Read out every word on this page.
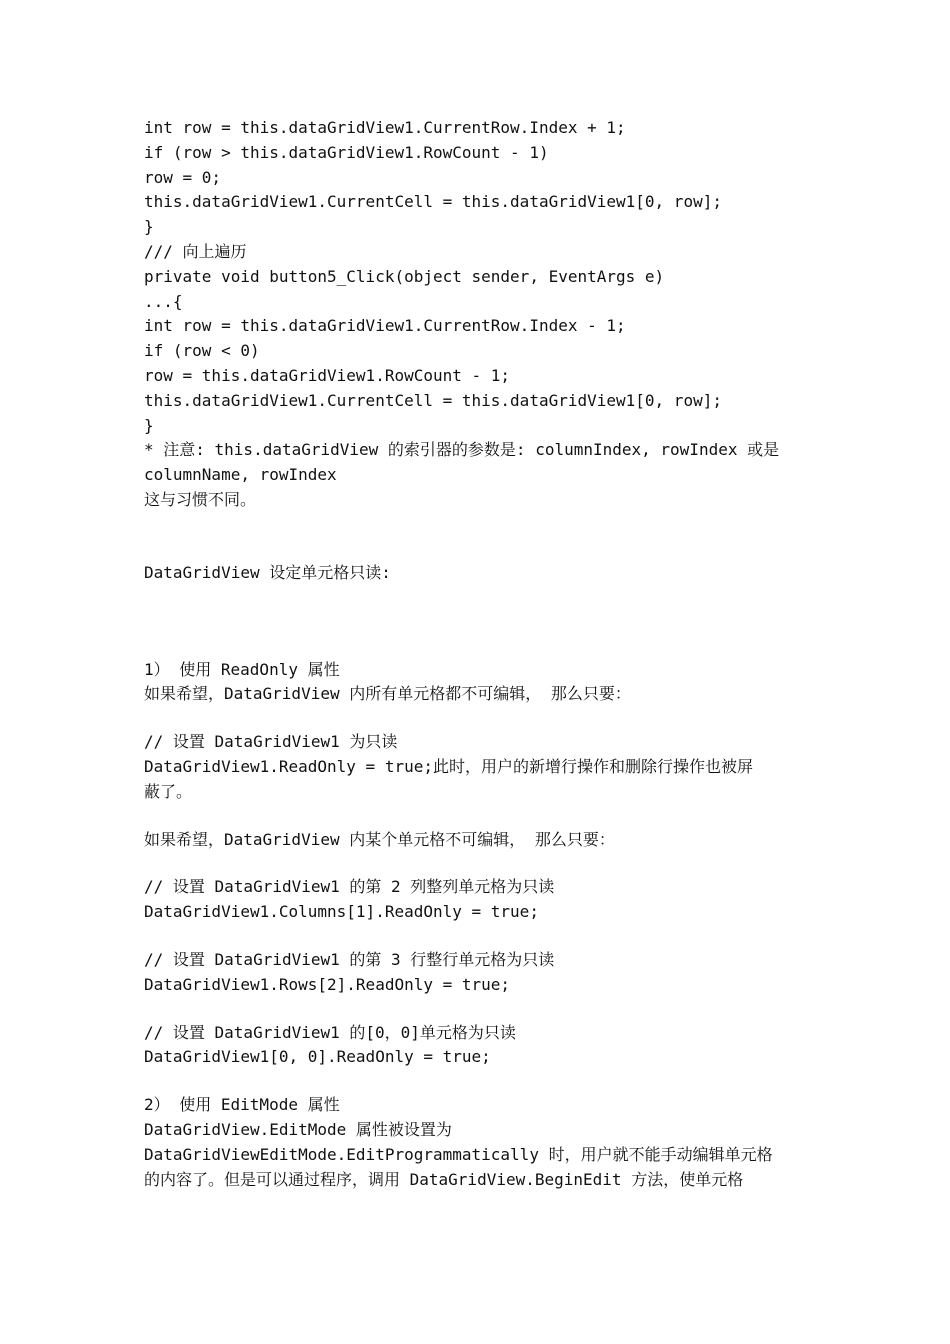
int row = this.dataGridView1.CurrentRow.Index + 1;
if (row > this.dataGridView1.RowCount - 1)
row = 0;
this.dataGridView1.CurrentCell = this.dataGridView1[0, row];
}
/// 向上遍历
private void button5_Click(object sender, EventArgs e)
...{
int row = this.dataGridView1.CurrentRow.Index - 1;
if (row < 0)
row = this.dataGridView1.RowCount - 1;
this.dataGridView1.CurrentCell = this.dataGridView1[0, row];
}
* 注意: this.dataGridView 的索引器的参数是: columnIndex, rowIndex 或是
columnName, rowIndex
这与习惯不同。
DataGridView 设定单元格只读:
1） 使用 ReadOnly 属性
如果希望，DataGridView 内所有单元格都不可编辑， 那么只要：
// 设置 DataGridView1 为只读
DataGridView1.ReadOnly = true;此时，用户的新增行操作和删除行操作也被屏
蔽了。
如果希望，DataGridView 内某个单元格不可编辑， 那么只要：
// 设置 DataGridView1 的第 2 列整列单元格为只读
DataGridView1.Columns[1].ReadOnly = true;
// 设置 DataGridView1 的第 3 行整行单元格为只读
DataGridView1.Rows[2].ReadOnly = true;
// 设置 DataGridView1 的[0，0]单元格为只读
DataGridView1[0, 0].ReadOnly = true;
2） 使用 EditMode 属性
DataGridView.EditMode 属性被设置为
DataGridViewEditMode.EditProgrammatically 时，用户就不能手动编辑单元格
的内容了。但是可以通过程序，调用 DataGridView.BeginEdit 方法，使单元格
